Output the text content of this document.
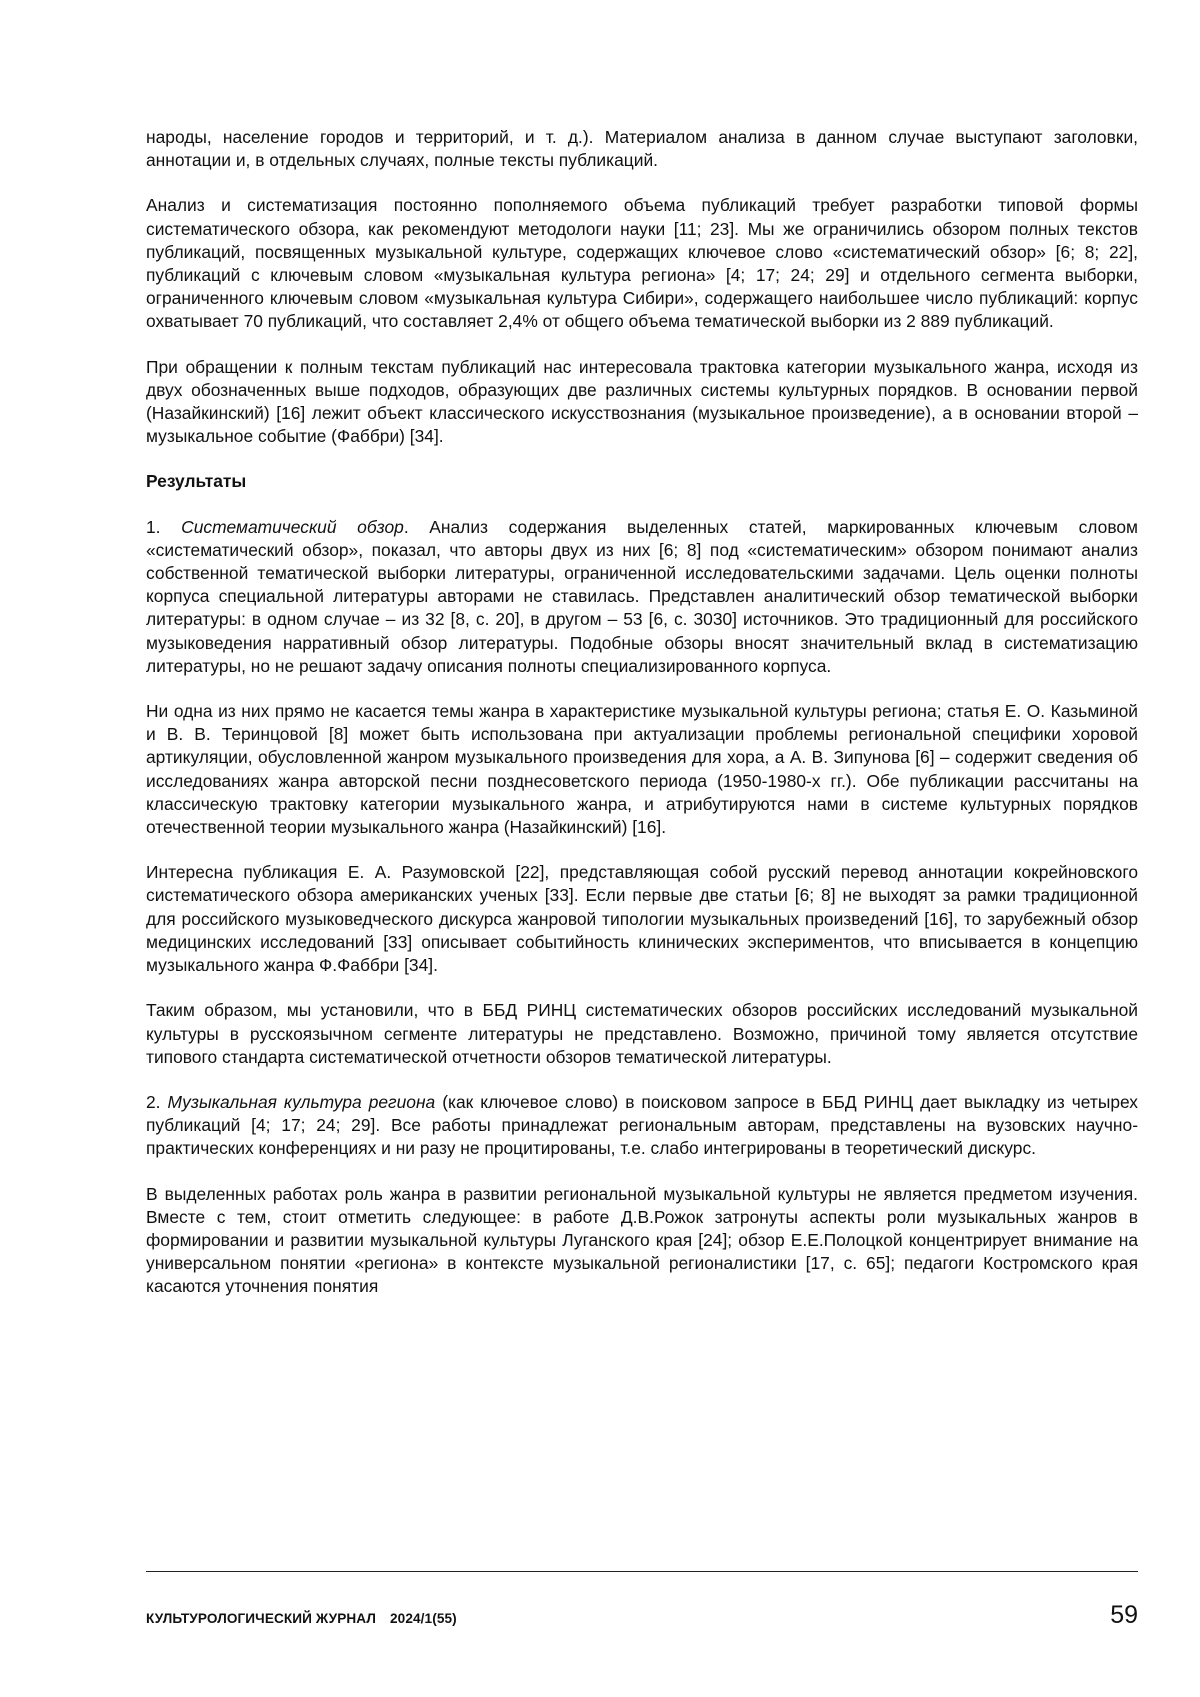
народы, население городов и территорий, и т. д.). Материалом анализа в данном случае выступают заголовки, аннотации и, в отдельных случаях, полные тексты публикаций.

Анализ и систематизация постоянно пополняемого объема публикаций требует разработки типовой формы систематического обзора, как рекомендуют методологи науки [11; 23]. Мы же ограничились обзором полных текстов публикаций, посвященных музыкальной культуре, содержащих ключевое слово «систематический обзор» [6; 8; 22], публикаций с ключевым словом «музыкальная культура региона» [4; 17; 24; 29] и отдельного сегмента выборки, ограниченного ключевым словом «музыкальная культура Сибири», содержащего наибольшее число публикаций: корпус охватывает 70 публикаций, что составляет 2,4% от общего объема тематической выборки из 2 889 публикаций.

При обращении к полным текстам публикаций нас интересовала трактовка категории музыкального жанра, исходя из двух обозначенных выше подходов, образующих две различных системы культурных порядков. В основании первой (Назайкинский) [16] лежит объект классического искусствознания (музыкальное произведение), а в основании второй – музыкальное событие (Фаббри) [34].

Результаты

1. Систематический обзор. Анализ содержания выделенных статей, маркированных ключевым словом «систематический обзор», показал, что авторы двух из них [6; 8] под «систематическим» обзором понимают анализ собственной тематической выборки литературы, ограниченной исследовательскими задачами. Цель оценки полноты корпуса специальной литературы авторами не ставилась. Представлен аналитический обзор тематической выборки литературы: в одном случае – из 32 [8, с. 20], в другом – 53 [6, с. 3030] источников. Это традиционный для российского музыковедения нарративный обзор литературы. Подобные обзоры вносят значительный вклад в систематизацию литературы, но не решают задачу описания полноты специализированного корпуса.

Ни одна из них прямо не касается темы жанра в характеристике музыкальной культуры региона; статья Е. О. Казьминой и В. В. Теринцовой [8] может быть использована при актуализации проблемы региональной специфики хоровой артикуляции, обусловленной жанром музыкального произведения для хора, а А. В. Зипунова [6] – содержит сведения об исследованиях жанра авторской песни позднесоветского периода (1950-1980-х гг.). Обе публикации рассчитаны на классическую трактовку категории музыкального жанра, и атрибутируются нами в системе культурных порядков отечественной теории музыкального жанра (Назайкинский) [16].

Интересна публикация Е. А. Разумовской [22], представляющая собой русский перевод аннотации кокрейновского систематического обзора американских ученых [33]. Если первые две статьи [6; 8] не выходят за рамки традиционной для российского музыковедческого дискурса жанровой типологии музыкальных произведений [16], то зарубежный обзор медицинских исследований [33] описывает событийность клинических экспериментов, что вписывается в концепцию музыкального жанра Ф.Фаббри [34].

Таким образом, мы установили, что в ББД РИНЦ систематических обзоров российских исследований музыкальной культуры в русскоязычном сегменте литературы не представлено. Возможно, причиной тому является отсутствие типового стандарта систематической отчетности обзоров тематической литературы.

2. Музыкальная культура региона (как ключевое слово) в поисковом запросе в ББД РИНЦ дает выкладку из четырех публикаций [4; 17; 24; 29]. Все работы принадлежат региональным авторам, представлены на вузовских научно-практических конференциях и ни разу не процитированы, т.е. слабо интегрированы в теоретический дискурс.

В выделенных работах роль жанра в развитии региональной музыкальной культуры не является предметом изучения. Вместе с тем, стоит отметить следующее: в работе Д.В.Рожок затронуты аспекты роли музыкальных жанров в формировании и развитии музыкальной культуры Луганского края [24]; обзор Е.Е.Полоцкой концентрирует внимание на универсальном понятии «региона» в контексте музыкальной регионалистики [17, с. 65]; педагоги Костромского края касаются уточнения понятия

КУЛЬТУРОЛОГИЧЕСКИЙ ЖУРНАЛ 2024/1(55)	59
